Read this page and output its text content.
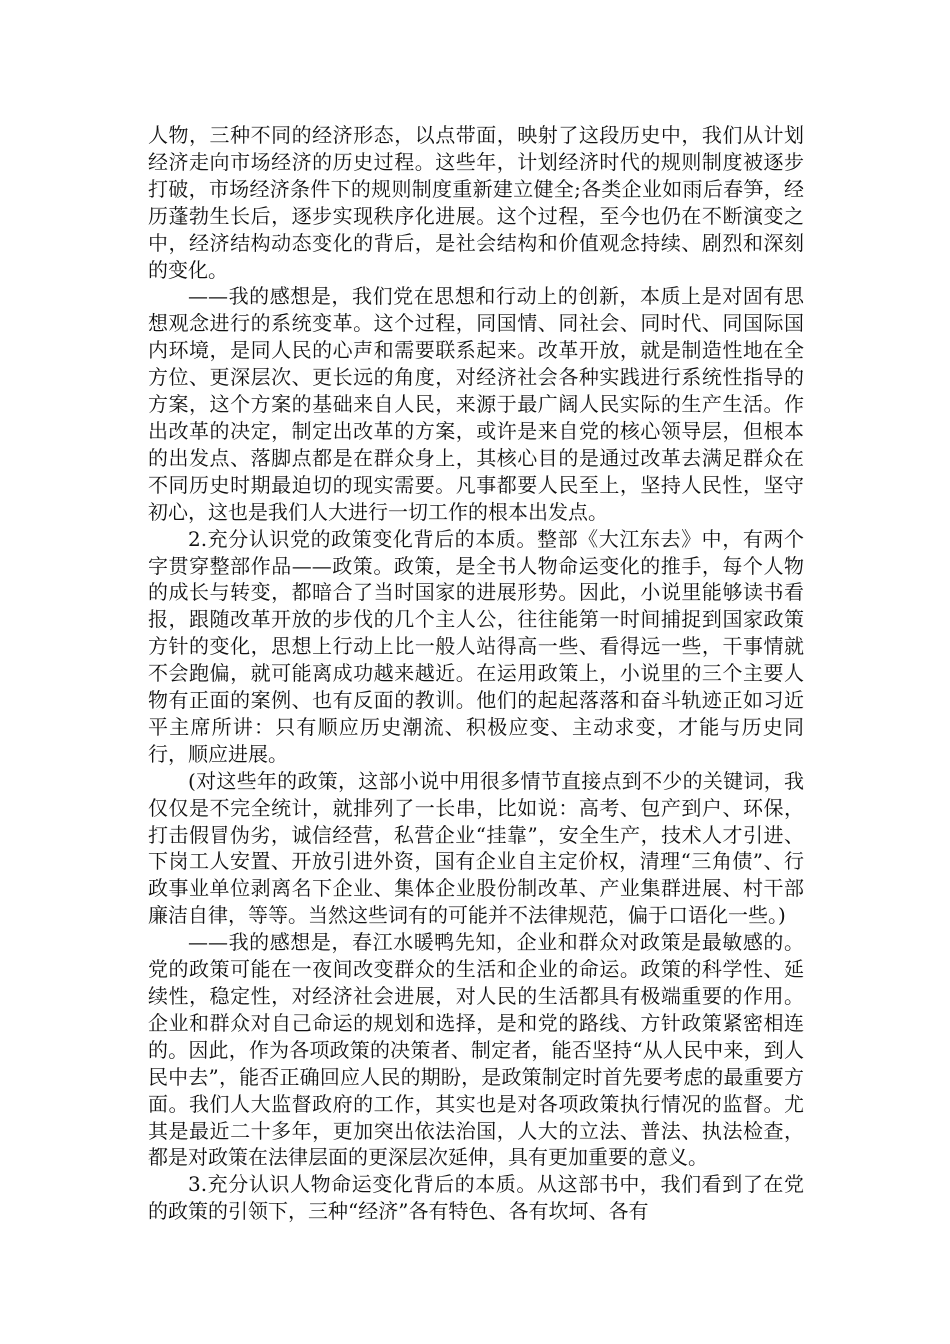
人物，三种不同的经济形态，以点带面，映射了这段历史中，我们从计划经济走向市场经济的历史过程。这些年，计划经济时代的规则制度被逐步打破，市场经济条件下的规则制度重新建立健全;各类企业如雨后春笋，经历蓬勃生长后，逐步实现秩序化进展。这个过程，至今也仍在不断演变之中，经济结构动态变化的背后，是社会结构和价值观念持续、剧烈和深刻的变化。

——我的感想是，我们党在思想和行动上的创新，本质上是对固有思想观念进行的系统变革。这个过程，同国情、同社会、同时代、同国际国内环境，是同人民的心声和需要联系起来。改革开放，就是制造性地在全方位、更深层次、更长远的角度，对经济社会各种实践进行系统性指导的方案，这个方案的基础来自人民，来源于最广阔人民实际的生产生活。作出改革的决定，制定出改革的方案，或许是来自党的核心领导层，但根本的出发点、落脚点都是在群众身上，其核心目的是通过改革去满足群众在不同历史时期最迫切的现实需要。凡事都要人民至上，坚持人民性，坚守初心，这也是我们人大进行一切工作的根本出发点。

2.充分认识党的政策变化背后的本质。整部《大江东去》中，有两个字贯穿整部作品——政策。政策，是全书人物命运变化的推手，每个人物的成长与转变，都暗合了当时国家的进展形势。因此，小说里能够读书看报，跟随改革开放的步伐的几个主人公，往往能第一时间捕捉到国家政策方针的变化，思想上行动上比一般人站得高一些、看得远一些，干事情就不会跑偏，就可能离成功越来越近。在运用政策上，小说里的三个主要人物有正面的案例、也有反面的教训。他们的起起落落和奋斗轨迹正如习近平主席所讲：只有顺应历史潮流、积极应变、主动求变，才能与历史同行，顺应进展。

(对这些年的政策，这部小说中用很多情节直接点到不少的关键词，我仅仅是不完全统计，就排列了一长串，比如说：高考、包产到户、环保，打击假冒伪劣，诚信经营，私营企业“挂靠”，安全生产，技术人才引进、下岗工人安置、开放引进外资，国有企业自主定价权，清理“三角债”、行政事业单位剥离名下企业、集体企业股份制改革、产业集群进展、村干部廉洁自律，等等。当然这些词有的可能并不法律规范，偏于口语化一些。)

——我的感想是，春江水暖鸭先知，企业和群众对政策是最敏感的。党的政策可能在一夜间改变群众的生活和企业的命运。政策的科学性、延续性，稳定性，对经济社会进展，对人民的生活都具有极端重要的作用。企业和群众对自己命运的规划和选择，是和党的路线、方针政策紧密相连的。因此，作为各项政策的决策者、制定者，能否坚持“从人民中来，到人民中去”，能否正确回应人民的期盼，是政策制定时首先要考虑的最重要方面。我们人大监督政府的工作，其实也是对各项政策执行情况的监督。尤其是最近二十多年，更加突出依法治国，人大的立法、普法、执法检查，都是对政策在法律层面的更深层次延伸，具有更加重要的意义。

3.充分认识人物命运变化背后的本质。从这部书中，我们看到了在党的政策的引领下，三种“经济”各有特色、各有坎坷、各有
